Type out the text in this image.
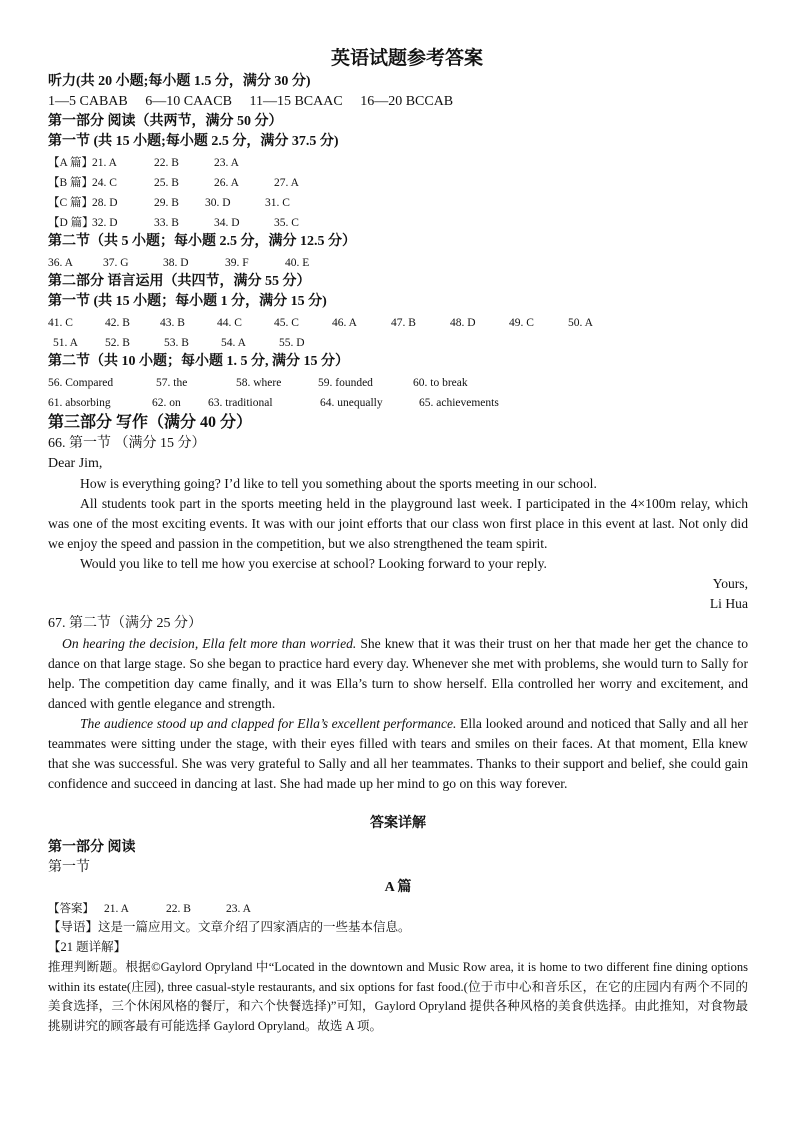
英语试题参考答案
听力(共 20 小题;每小题 1.5 分，满分 30 分)
1—5 CABAB 6—10 CAACB 11—15 BCAAC 16—20 BCCAB
第一部分 阅读（共两节，满分 50 分）
第一节 (共 15 小题;每小题 2.5 分，满分 37.5 分)
【A 篇】21. A	22. B	23. A
【B 篇】24. C	25. B	26. A	27. A
【C 篇】28. D	29. B 30. D	31. C
【D 篇】32. D	33. B	34. D	35. C
第二节（共 5 小题；每小题 2.5 分，满分 12.5 分）
36. A	37. G	38. D	39. F	40. E
第二部分 语言运用（共四节，满分 55 分）
第一节 (共 15 小题；每小题 1 分，满分 15 分)
41. C	42. B	43. B	44. C	45. C	46. A	47. B	48. D	49. C	50. A
51. A 52. B	53. B	54. A	55. D
第二节（共 10 小题；每小题 1. 5 分, 满分 15 分）
56. Compared	57. the	58. where	59. founded	60. to break
61. absorbing	62. on 63. traditional	64. unequally	65. achievements
第三部分 写作（满分 40 分）
66. 第一节 （满分 15 分）
Dear Jim,

How is everything going? I’d like to tell you something about the sports meeting in our school.

All students took part in the sports meeting held in the playground last week. I participated in the 4×100m relay, which was one of the most exciting events. It was with our joint efforts that our class won first place in this event at last. Not only did we enjoy the speed and passion in the competition, but we also strengthened the team spirit.

Would you like to tell me how you exercise at school? Looking forward to your reply.

Yours,

Li Hua

67. 第二节（满分 25 分）

On hearing the decision, Ella felt more than worried. She knew that it was their trust on her that made her get the chance to dance on that large stage. So she began to practice hard every day. Whenever she met with problems, she would turn to Sally for help. The competition day came finally, and it was Ella’s turn to show herself. Ella controlled her worry and excitement, and danced with gentle elegance and strength.

The audience stood up and clapped for Ella’s excellent performance. Ella looked around and noticed that Sally and all her teammates were sitting under the stage, with their eyes filled with tears and smiles on their faces. At that moment, Ella knew that she was successful. She was very grateful to Sally and all her teammates. Thanks to their support and belief, she could gain confidence and succeed in dancing at last. She had made up her mind to go on this way forever.

答案详解
第一部分 阅读
第一节
A 篇
【答案】 21. A	22. B	23. A
【导语】这是一篇应用文。文章介绍了四家酒店的一些基本信息。
【21 题详解】

推理判断题。根据©Gaylord Opryland 中“Located in the downtown and Music Row area, it is home to two different fine dining options within its estate(庄园), three casual-style restaurants, and six options for fast food.(位于市中心和音乐区，在它的庄园内有两个不同的美食选择，三个休闲风格的餐厅，和六个快餐选择)”可知，Gaylord Opryland 提供各种风格的美食供选择。由此推知，对食物最挑剔讲究的顾客最有可能选择 Gaylord Opryland。故选 A 项。
